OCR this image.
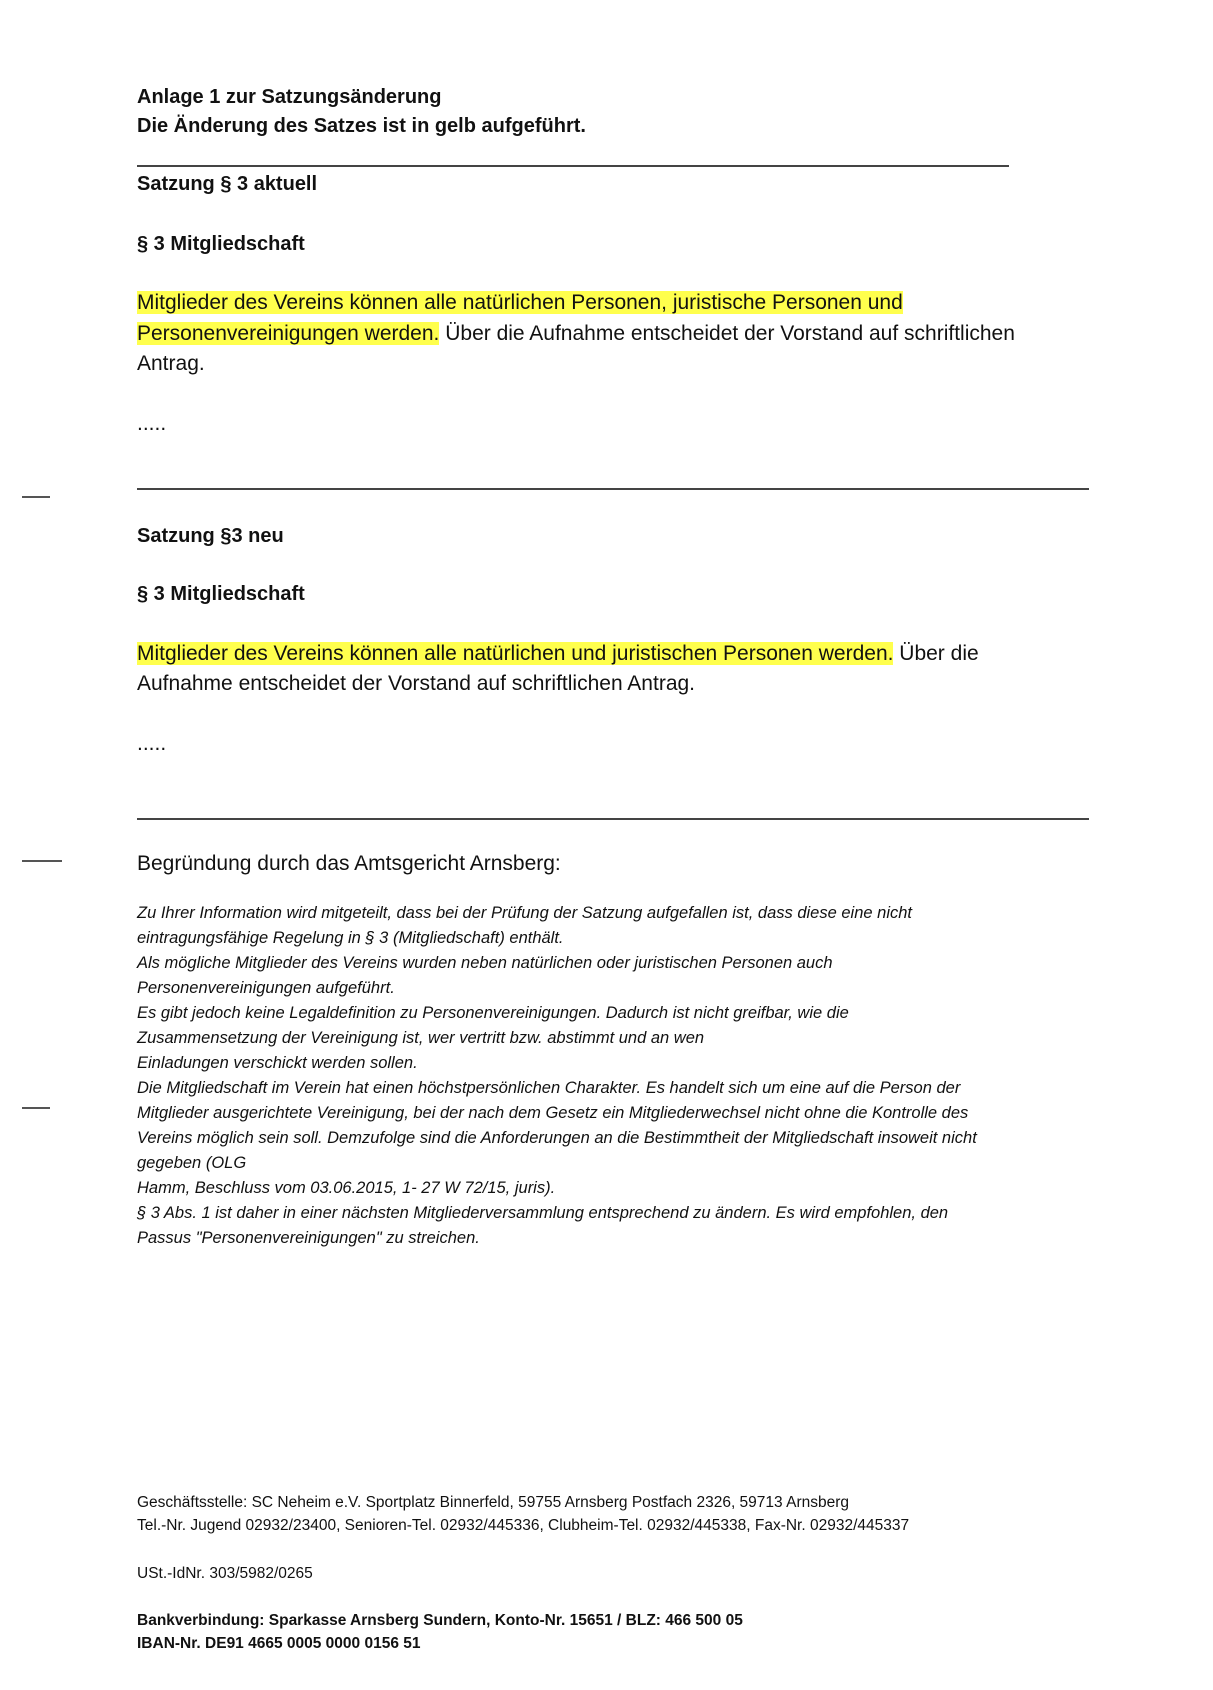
Anlage 1 zur Satzungsänderung
Die Änderung des Satzes ist in gelb aufgeführt.
Satzung § 3 aktuell
§ 3 Mitgliedschaft
Mitglieder des Vereins können alle natürlichen Personen, juristische Personen und
Personenvereinigungen werden. Über die Aufnahme entscheidet der Vorstand auf schriftlichen
Antrag.
.....
Satzung §3 neu
§ 3 Mitgliedschaft
Mitglieder des Vereins können alle natürlichen und juristischen Personen werden. Über die
Aufnahme entscheidet der Vorstand auf schriftlichen Antrag.
.....
Begründung durch das Amtsgericht Arnsberg:
Zu Ihrer Information wird mitgeteilt, dass bei der Prüfung der Satzung aufgefallen ist, dass diese eine nicht
eintragungsfähige Regelung in § 3 (Mitgliedschaft) enthält.
Als mögliche Mitglieder des Vereins wurden neben natürlichen oder juristischen Personen auch
Personenvereinigungen aufgeführt.
Es gibt jedoch keine Legaldefinition zu Personenvereinigungen. Dadurch ist nicht greifbar, wie die
Zusammensetzung der Vereinigung ist, wer vertritt bzw. abstimmt und an wen
Einladungen verschickt werden sollen.
Die Mitgliedschaft im Verein hat einen höchstpersönlichen Charakter. Es handelt sich um eine auf die Person der
Mitglieder ausgerichtete Vereinigung, bei der nach dem Gesetz ein Mitgliederwechsel nicht ohne die Kontrolle des
Vereins möglich sein soll. Demzufolge sind die Anforderungen an die Bestimmtheit der Mitgliedschaft insoweit nicht
gegeben (OLG
Hamm, Beschluss vom 03.06.2015, 1- 27 W 72/15, juris).
§ 3 Abs. 1 ist daher in einer nächsten Mitgliederversammlung entsprechend zu ändern. Es wird empfohlen, den
Passus "Personenvereinigungen" zu streichen.
Geschäftsstelle: SC Neheim e.V. Sportplatz Binnerfeld, 59755 Arnsberg Postfach 2326, 59713 Arnsberg
Tel.-Nr. Jugend 02932/23400, Senioren-Tel. 02932/445336, Clubheim-Tel. 02932/445338, Fax-Nr. 02932/445337
USt.-IdNr. 303/5982/0265
Bankverbindung: Sparkasse Arnsberg Sundern, Konto-Nr. 15651 / BLZ: 466 500 05
IBAN-Nr. DE91 4665 0005 0000 0156 51
